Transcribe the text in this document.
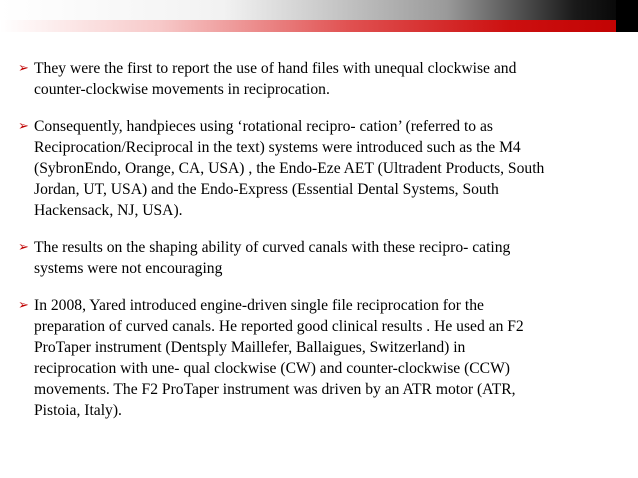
➢ They were the first to report the use of hand files with unequal clockwise and
counter-clockwise movements in reciprocation.
➢ Consequently, handpieces using ‘rotational recipro- cation’ (referred to as
Reciprocation/Reciprocal in the text) systems were introduced such as the M4
(SybronEndo, Orange, CA, USA) , the Endo-Eze AET (Ultradent Products, South
Jordan, UT, USA) and the Endo-Express (Essential Dental Systems, South
Hackensack, NJ, USA).
➢ The results on the shaping ability of curved canals with these recipro- cating
systems were not encouraging
➢ In 2008, Yared introduced engine-driven single file reciprocation for the
preparation of curved canals. He reported good clinical results . He used an F2
ProTaper instrument (Dentsply Maillefer, Ballaigues, Switzerland) in
reciprocation with une- qual clockwise (CW) and counter-clockwise (CCW)
movements. The F2 ProTaper instrument was driven by an ATR motor (ATR,
Pistoia, Italy).
